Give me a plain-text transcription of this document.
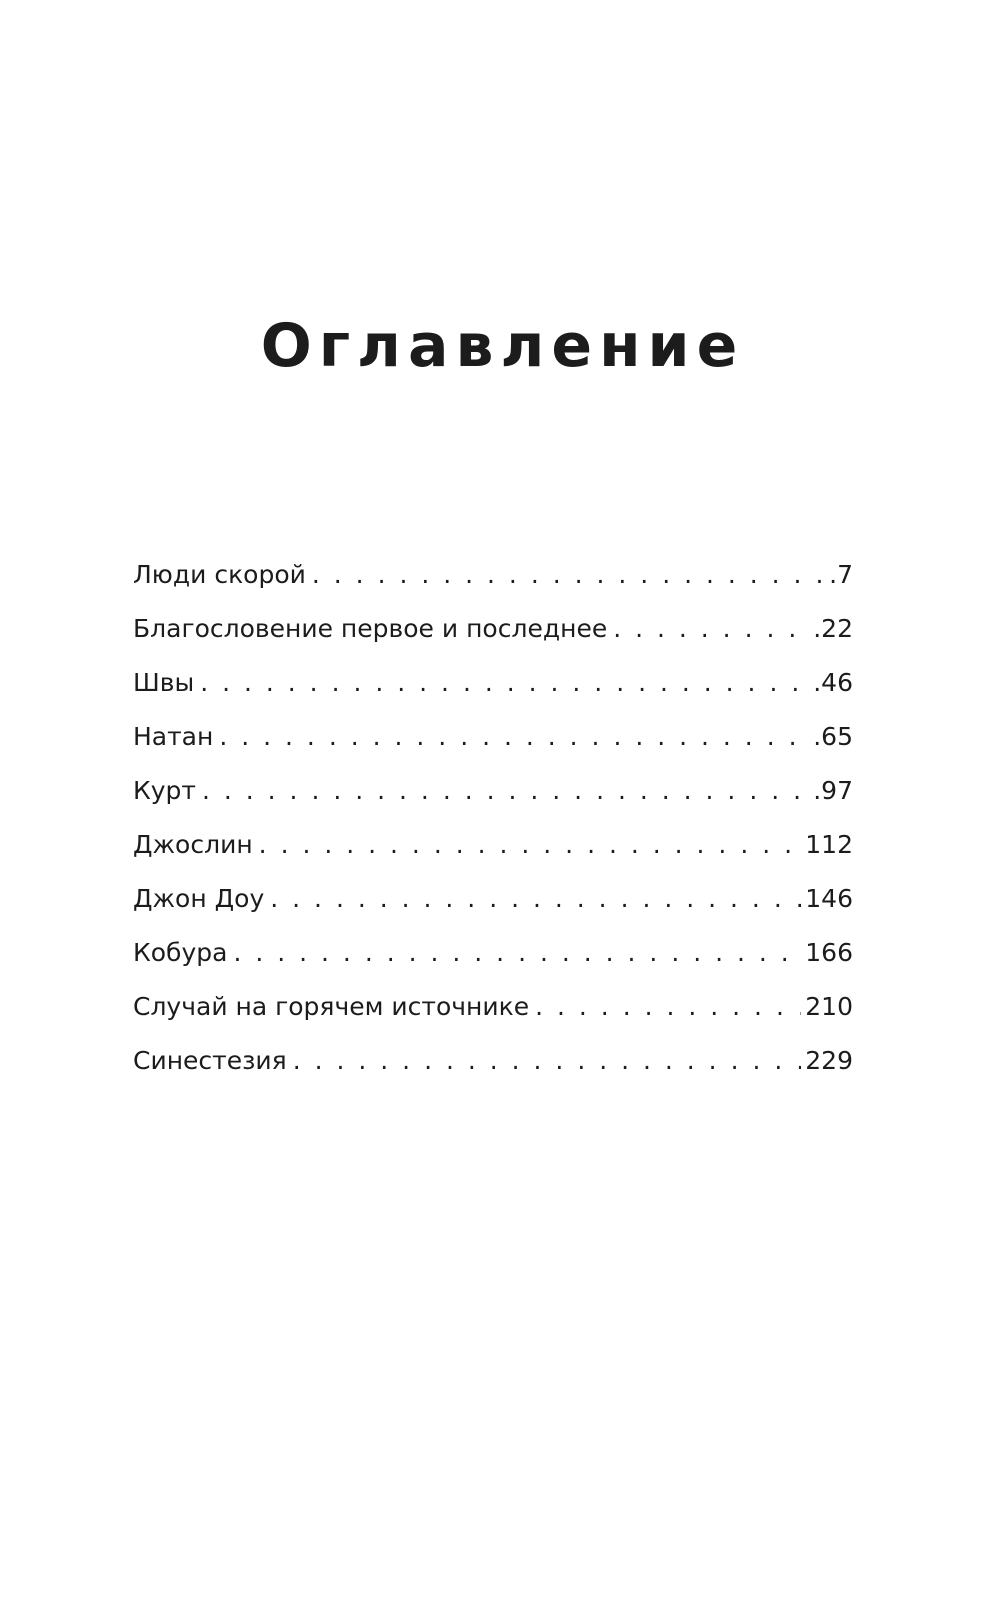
Оглавление
Люди скорой . . .	.7
Благословение первое и последнее . . .	.22
Швы . . .	.46
Натан . . .	.65
Курт . . .	.97
Джослин . . .	112
Джон Доу . . .	146
Кобура . . .	166
Случай на горячем источнике . . .	210
Синестезия . . .	229
